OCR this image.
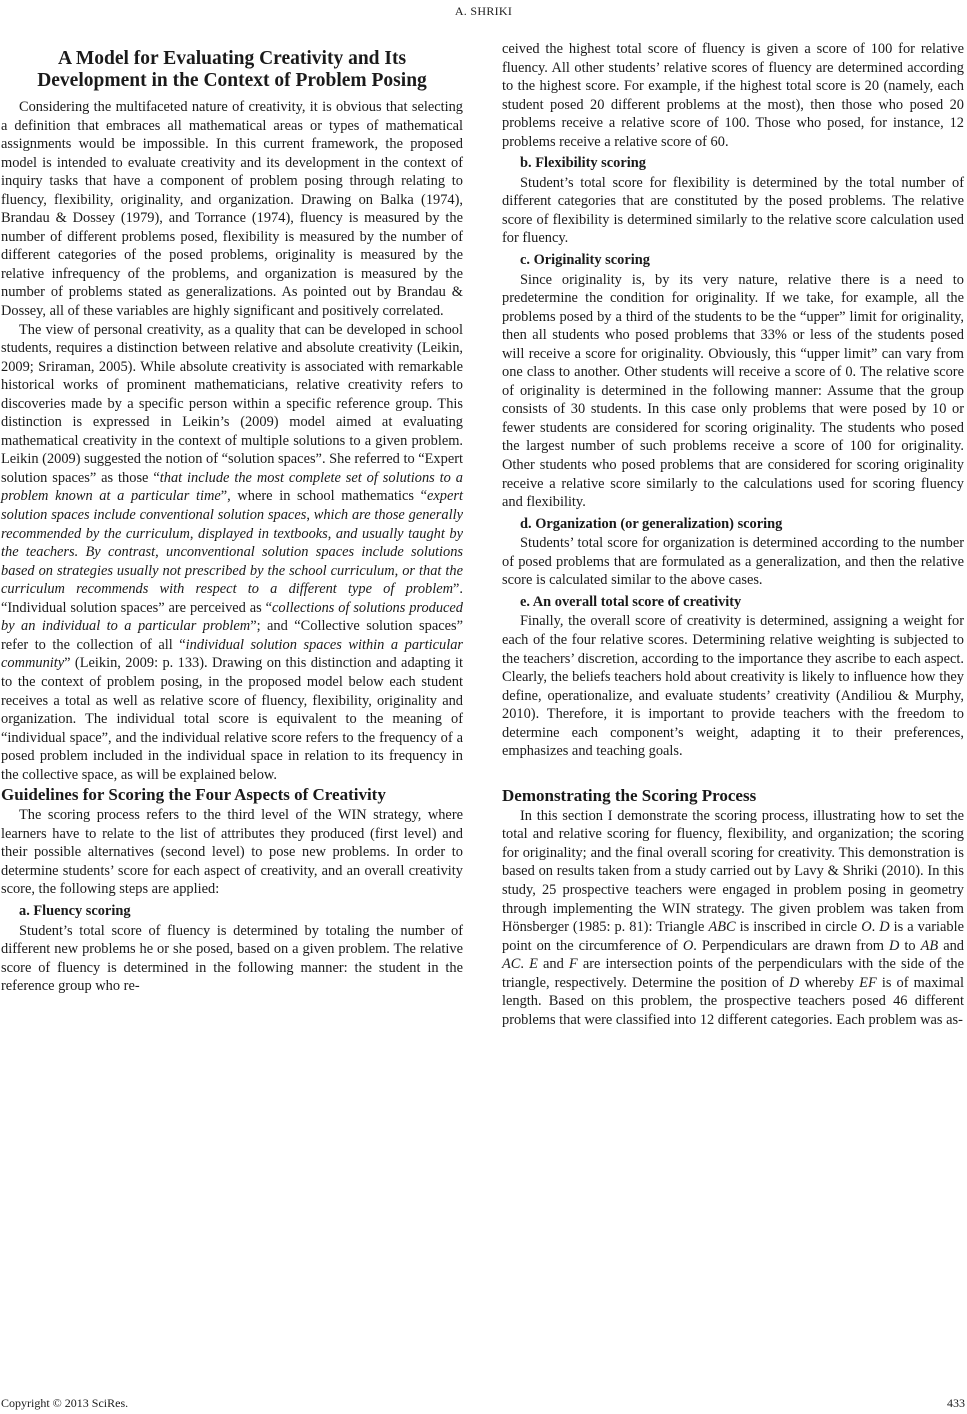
A. SHRIKI
A Model for Evaluating Creativity and Its
Development in the Context of Problem Posing

Considering the multifaceted nature of creativity, it is obvious that selecting a definition that embraces all mathematical areas or types of mathematical assignments would be impossible. In this current framework, the proposed model is intended to evaluate creativity and its development in the context of inquiry tasks that have a component of problem posing through relating to fluency, flexibility, originality, and organization. Drawing on Balka (1974), Brandau & Dossey (1979), and Torrance (1974), fluency is measured by the number of different problems posed, flexibility is measured by the number of different categories of the posed problems, originality is measured by the relative infrequency of the problems, and organization is measured by the number of problems stated as generalizations. As pointed out by Brandau & Dossey, all of these variables are highly significant and positively correlated.

The view of personal creativity, as a quality that can be developed in school students, requires a distinction between relative and absolute creativity (Leikin, 2009; Sriraman, 2005). While absolute creativity is associated with remarkable historical works of prominent mathematicians, relative creativity refers to discoveries made by a specific person within a specific reference group. This distinction is expressed in Leikin’s (2009) model aimed at evaluating mathematical creativity in the context of multiple solutions to a given problem. Leikin (2009) suggested the notion of “solution spaces”. She referred to “Expert solution spaces” as those “that include the most complete set of solutions to a problem known at a particular time”, where in school mathematics “expert solution spaces include conventional solution spaces, which are those generally recommended by the curriculum, displayed in textbooks, and usually taught by the teachers. By contrast, unconventional solution spaces include solutions based on strategies usually not prescribed by the school curriculum, or that the curriculum recommends with respect to a different type of problem”. “Individual solution spaces” are perceived as “collections of solutions produced by an individual to a particular problem”; and “Collective solution spaces” refer to the collection of all “individual solution spaces within a particular community” (Leikin, 2009: p. 133). Drawing on this distinction and adapting it to the context of problem posing, in the proposed model below each student receives a total as well as relative score of fluency, flexibility, originality and organization. The individual total score is equivalent to the meaning of “individual space”, and the individual relative score refers to the frequency of a posed problem included in the individual space in relation to its frequency in the collective space, as will be explained below.

Guidelines for Scoring the Four Aspects of Creativity

The scoring process refers to the third level of the WIN strategy, where learners have to relate to the list of attributes they produced (first level) and their possible alternatives (second level) to pose new problems. In order to determine students’ score for each aspect of creativity, and an overall creativity score, the following steps are applied:

a. Fluency scoring

Student’s total score of fluency is determined by totaling the number of different new problems he or she posed, based on a given problem. The relative score of fluency is determined in the following manner: the student in the reference group who re-

ceived the highest total score of fluency is given a score of 100 for relative fluency. All other students’ relative scores of fluency are determined according to the highest score. For example, if the highest total score is 20 (namely, each student posed 20 different problems at the most), then those who posed 20 problems receive a relative score of 100. Those who posed, for instance, 12 problems receive a relative score of 60.

b. Flexibility scoring

Student’s total score for flexibility is determined by the total number of different categories that are constituted by the posed problems. The relative score of flexibility is determined similarly to the relative score calculation used for fluency.

c. Originality scoring

Since originality is, by its very nature, relative there is a need to predetermine the condition for originality. If we take, for example, all the problems posed by a third of the students to be the “upper” limit for originality, then all students who posed problems that 33% or less of the students posed will receive a score for originality. Obviously, this “upper limit” can vary from one class to another. Other students will receive a score of 0. The relative score of originality is determined in the following manner: Assume that the group consists of 30 students. In this case only problems that were posed by 10 or fewer students are considered for scoring originality. The students who posed the largest number of such problems receive a score of 100 for originality. Other students who posed problems that are considered for scoring originality receive a relative score similarly to the calculations used for scoring fluency and flexibility.

d. Organization (or generalization) scoring

Students’ total score for organization is determined according to the number of posed problems that are formulated as a generalization, and then the relative score is calculated similar to the above cases.

e. An overall total score of creativity

Finally, the overall score of creativity is determined, assigning a weight for each of the four relative scores. Determining relative weighting is subjected to the teachers’ discretion, according to the importance they ascribe to each aspect. Clearly, the beliefs teachers hold about creativity is likely to influence how they define, operationalize, and evaluate students’ creativity (Andiliou & Murphy, 2010). Therefore, it is important to provide teachers with the freedom to determine each component’s weight, adapting it to their preferences, emphasizes and teaching goals.

Demonstrating the Scoring Process

In this section I demonstrate the scoring process, illustrating how to set the total and relative scoring for fluency, flexibility, and organization; the scoring for originality; and the final overall scoring for creativity. This demonstration is based on results taken from a study carried out by Lavy & Shriki (2010). In this study, 25 prospective teachers were engaged in problem posing in geometry through implementing the WIN strategy. The given problem was taken from Hönsberger (1985: p. 81): Triangle ABC is inscribed in circle O. D is a variable point on the circumference of O. Perpendiculars are drawn from D to AB and AC. E and F are intersection points of the perpendiculars with the side of the triangle, respectively. Determine the position of D whereby EF is of maximal length. Based on this problem, the prospective teachers posed 46 different problems that were classified into 12 different categories. Each problem was as-

Copyright © 2013 SciRes.	433
